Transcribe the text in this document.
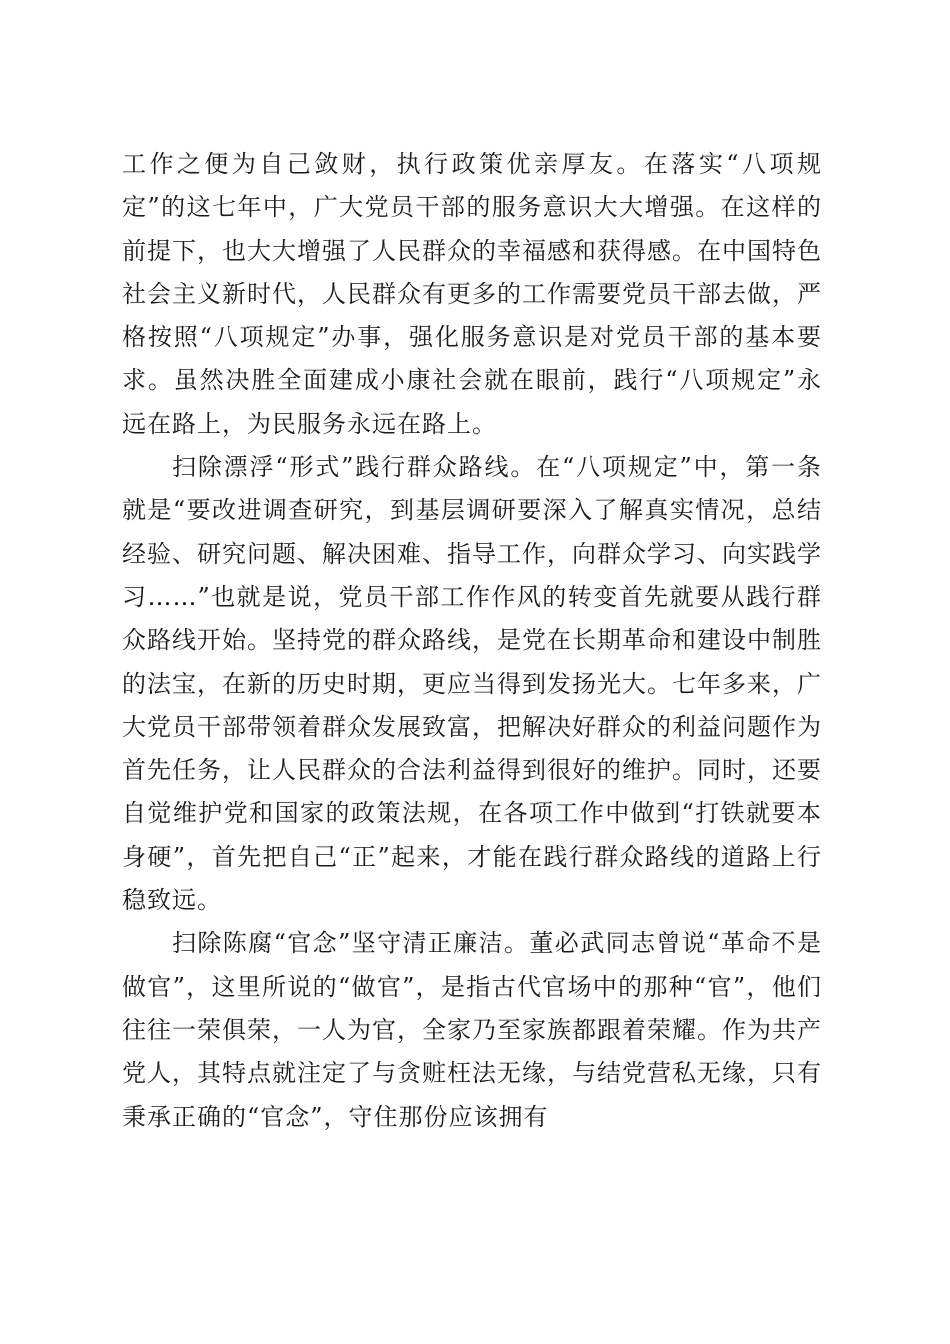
工作之便为自己敛财，执行政策优亲厚友。在落实“八项规定”的这七年中，广大党员干部的服务意识大大增强。在这样的前提下，也大大增强了人民群众的幸福感和获得感。在中国特色社会主义新时代，人民群众有更多的工作需要党员干部去做，严格按照“八项规定”办事，强化服务意识是对党员干部的基本要求。虽然决胜全面建成小康社会就在眼前，践行“八项规定”永远在路上，为民服务永远在路上。

扫除漂浮“形式”践行群众路线。在“八项规定”中，第一条就是“要改进调查研究，到基层调研要深入了解真实情况，总结经验、研究问题、解决困难、指导工作，向群众学习、向实践学习……”也就是说，党员干部工作作风的转变首先就要从践行群众路线开始。坚持党的群众路线，是党在长期革命和建设中制胜的法宝，在新的历史时期，更应当得到发扬光大。七年多来，广大党员干部带领着群众发展致富，把解决好群众的利益问题作为首先任务，让人民群众的合法利益得到很好的维护。同时，还要自觉维护党和国家的政策法规，在各项工作中做到“打铁就要本身硬”，首先把自己“正”起来，才能在践行群众路线的道路上行稳致远。

扫除陈腐“官念”坚守清正廉洁。董必武同志曾说“革命不是做官”，这里所说的“做官”，是指古代官场中的那种“官”，他们往往一荣俱荣，一人为官，全家乃至家族都跟着荣耀。作为共产党人，其特点就注定了与贪赃枉法无缘，与结党营私无缘，只有秉承正确的“官念”，守住那份应该拥有
